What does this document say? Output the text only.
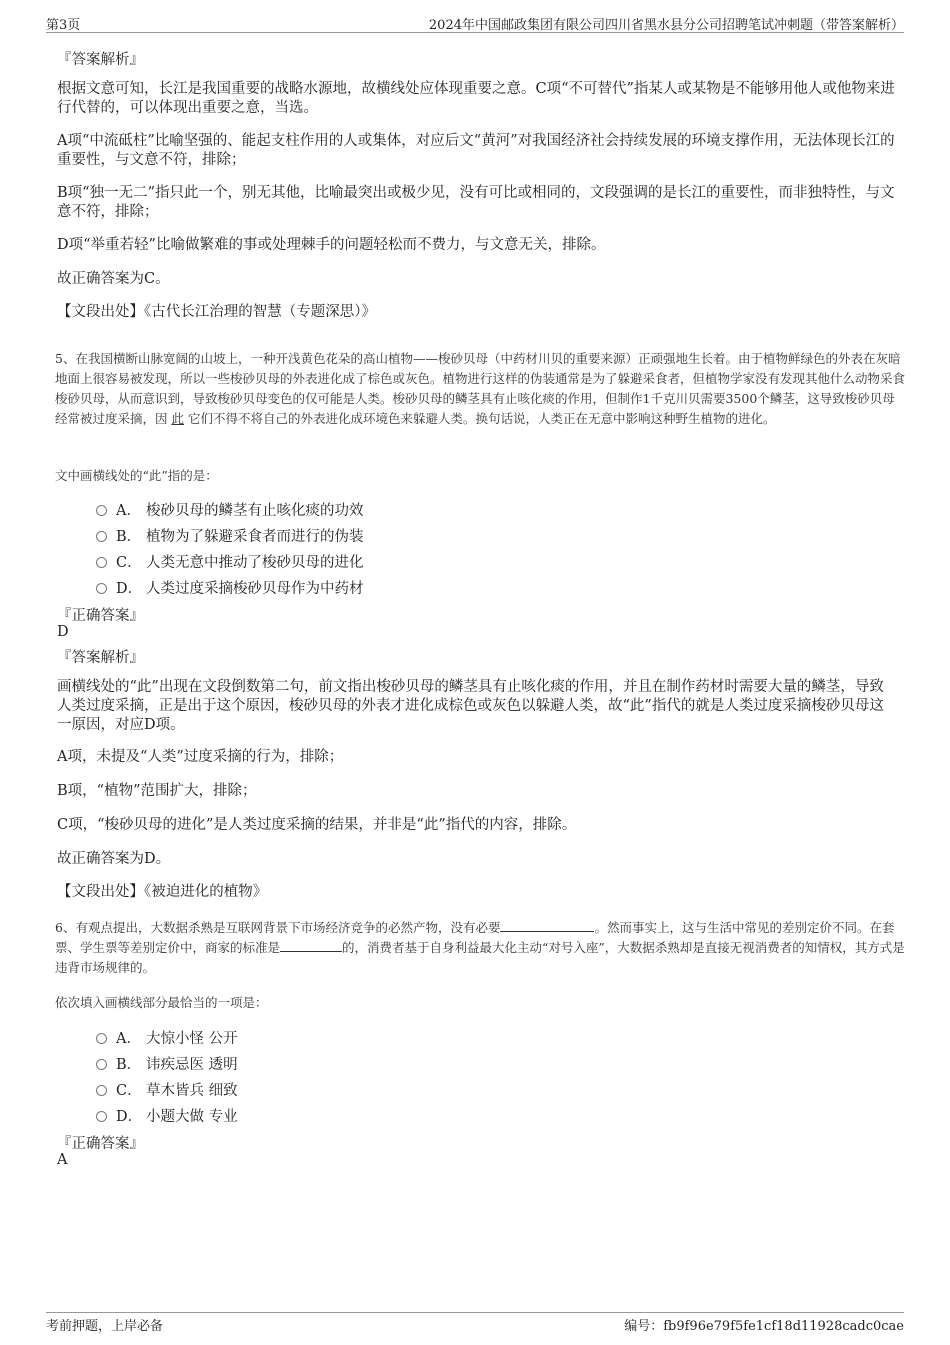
第3页	2024年中国邮政集团有限公司四川省黑水县分公司招聘笔试冲刺题（带答案解析）
『答案解析』
根据文意可知，长江是我国重要的战略水源地，故横线处应体现重要之意。C项“不可替代”指某人或某物是不能够用他人或他物来进行代替的，可以体现出重要之意，当选。
A项“中流砥柱”比喻坚强的、能起支柱作用的人或集体，对应后文“黄河”对我国经济社会持续发展的环境支撑作用，无法体现长江的重要性，与文意不符，排除；
B项“独一无二”指只此一个，别无其他，比喻最突出或极少见，没有可比或相同的，文段强调的是长江的重要性，而非独特性，与文意不符，排除；
D项“举重若轻”比喻做繁难的事或处理棘手的问题轻松而不费力，与文意无关，排除。
故正确答案为C。
【文段出处】《古代长江治理的智慧（专题深思）》
5、在我国横断山脉宽阔的山坡上，一种开浅黄色花朵的高山植物——梭砂贝母（中药材川贝的重要来源）正顽强地生长着。由于植物鲜绿色的外表在灰暗地面上很容易被发现，所以一些梭砂贝母的外表进化成了棕色或灰色。植物进行这样的伪装通常是为了躲避采食者，但植物学家没有发现其他什么动物采食梭砂贝母，从而意识到，导致梭砂贝母变色的仅可能是人类。梭砂贝母的鳞茎具有止咳化痰的作用，但制作1千克川贝需要3500个鳞茎，这导致梭砂贝母经常被过度采摘，因 此 它们不得不将自己的外表进化成环境色来躲避人类。换句话说，人类正在无意中影响这种野生植物的进化。
文中画横线处的“此”指的是：
A． 梭砂贝母的鳞茎有止咳化痰的功效
B． 植物为了躲避采食者而进行的伪装
C． 人类无意中推动了梭砂贝母的进化
D． 人类过度采摘梭砂贝母作为中药材
『正确答案』
D
『答案解析』
画横线处的“此”出现在文段倒数第二句，前文指出梭砂贝母的鳞茎具有止咳化痰的作用，并且在制作药材时需要大量的鳞茎，导致人类过度采摘，正是出于这个原因，梭砂贝母的外表才进化成棕色或灰色以躲避人类，故“此”指代的就是人类过度采摘梭砂贝母这一原因，对应D项。
A项，未提及“人类”过度采摘的行为，排除；
B项，“植物”范围扩大，排除；
C项，“梭砂贝母的进化”是人类过度采摘的结果，并非是“此”指代的内容，排除。
故正确答案为D。
【文段出处】《被迫进化的植物》
6、有观点提出，大数据杀熟是互联网背景下市场经济竞争的必然产物，没有必要	。然而事实上，这与生活中常见的差别定价不同。在套票、学生票等差别定价中，商家的标准是	的，消费者基于自身利益最大化主动“对号入座”，大数据杀熟却是直接无视消费者的知情权，其方式是违背市场规律的。
依次填入画横线部分最恰当的一项是：
A． 大惊小怪 公开
B． 讳疾忌医 透明
C． 草木皆兵 细致
D． 小题大做 专业
『正确答案』
A
考前押题，上岸必备	编号：fb9f96e79f5fe1cf18d11928cadc0cae
